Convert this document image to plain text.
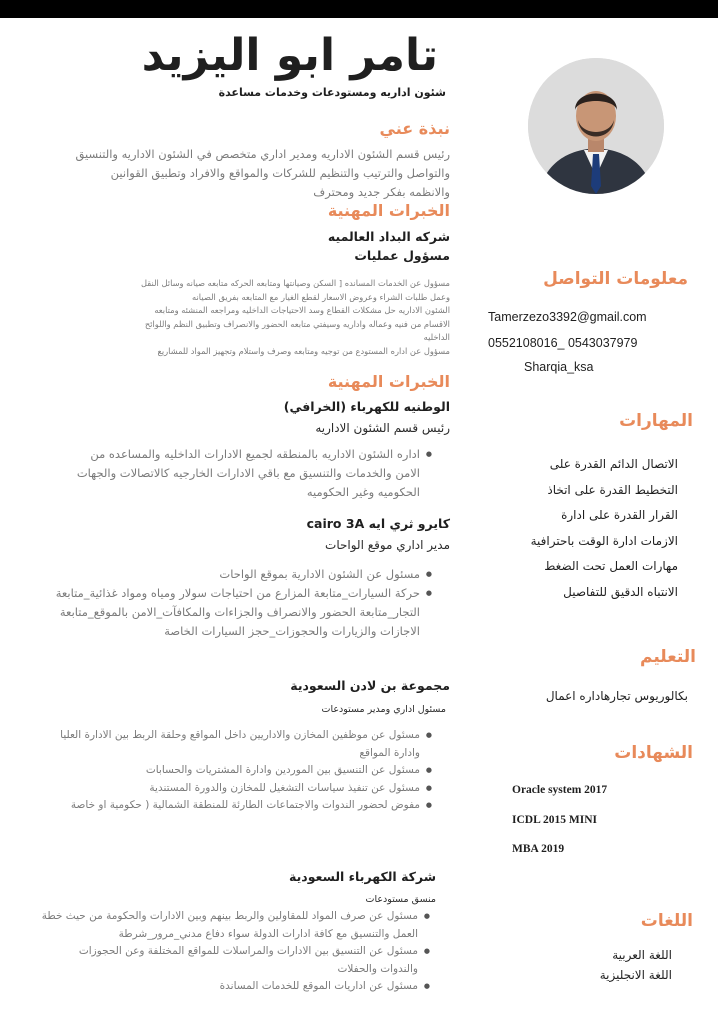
تامر ابو اليزيد
شئون اداريه ومستودعات وخدمات مساعدة
نبذة عني
رئيس قسم الشئون الاداريه ومدير اداري متخصص في الشئون الاداريه والتنسيق
والتواصل والترتيب والتنظيم للشركات والمواقع والافراد وتطبيق القوانين
والانظمه بفكر جديد ومحترف
الخبرات المهنية
شركه البداد العالميه
مسؤول عمليات
مسؤول عن الخدمات المسانده [ السكن وصيانتها ومتابعه الحركه متابعه صيانه وسائل النقل
وعمل طلبات الشراء وعروض الاسعار لقطع الغيار مع المتابعه بفريق الصيانه
الشئون الاداريه حل مشكلات القطاع وسد الاحتياجات الداخليه ومراجعه المنشئه ومتابعه
الاقسام من فنيه وعماله واداريه وسيفتي متابعه الحضور والانصراف وتطبيق النظم واللوائح
الداخليه
مسؤول عن اداره المستودع من توجيه ومتابعه وصرف واستلام وتجهيز المواد للمشاريع
الخبرات المهنية
الوطنيه للكهرباء (الخرافي)
رئيس قسم الشئون الاداريه
● اداره الشئون الاداريه بالمنطقه لجميع الادارات الداخليه والمساعده من الامن والخدمات والتنسيق مع باقي الادارات الخارجيه كالاتصالات والجهات الحكوميه وغير الحكوميه
كايرو ثري ايه cairo 3A
مدير اداري موقع الواحات
● مسئول عن الشئون الادارية بموقع الواحات
● حركة السيارات_متابعة المزارع من احتياجات سولار ومياه ومواد غذائية_متابعة التجار_متابعة الحضور والانصراف والجزاءات والمكافآت_الامن بالموقع_متابعة الاجازات والزيارات والحجوزات_حجز السيارات الخاصة
مجموعة بن لادن السعودية
مسئول اداري ومدير مستودعات
● مسئول عن موظفين المخازن والاداريين داخل المواقع وحلقة الربط بين الادارة العليا وادارة المواقع
● مسئول عن التنسيق بين الموردين وادارة المشتريات والحسابات
● مسئول عن تنفيذ سياسات التشغيل للمخازن والدورة المستندية
● مفوض لحضور الندوات والاجتماعات الطارئة للمنطقة الشمالية ( حكومية او خاصة
شركة الكهرباء السعودية
منسق مستودعات
● مسئول عن صرف المواد للمقاولين والربط بينهم وبين الادارات والحكومة من حيث خطة العمل والتنسيق مع كافة ادارات الدولة سواء دفاع مدني_مرور_شرطة
● مسئول عن التنسيق بين الادارات والمراسلات للمواقع المختلفة وعن الحجوزات والندوات والحفلات
● مسئول عن اداريات الموقع للخدمات المساندة
معلومات التواصل
Tamerzezo3392@gmail.com
0552108016_ 0543037979
Sharqia_ksa
المهارات
الاتصال الدائم القدرة على
التخطيط القدرة على اتخاذ
القرار القدرة على ادارة
الازمات ادارة الوقت باحترافية
مهارات العمل تحت الضغط
الانتباه الدقيق للتفاصيل
التعليم
بكالوريوس تجارهاداره اعمال
الشهادات
Oracle system 2017
ICDL 2015 MINI
MBA 2019
اللغات
اللغة العربية
اللغة الانجليزية
